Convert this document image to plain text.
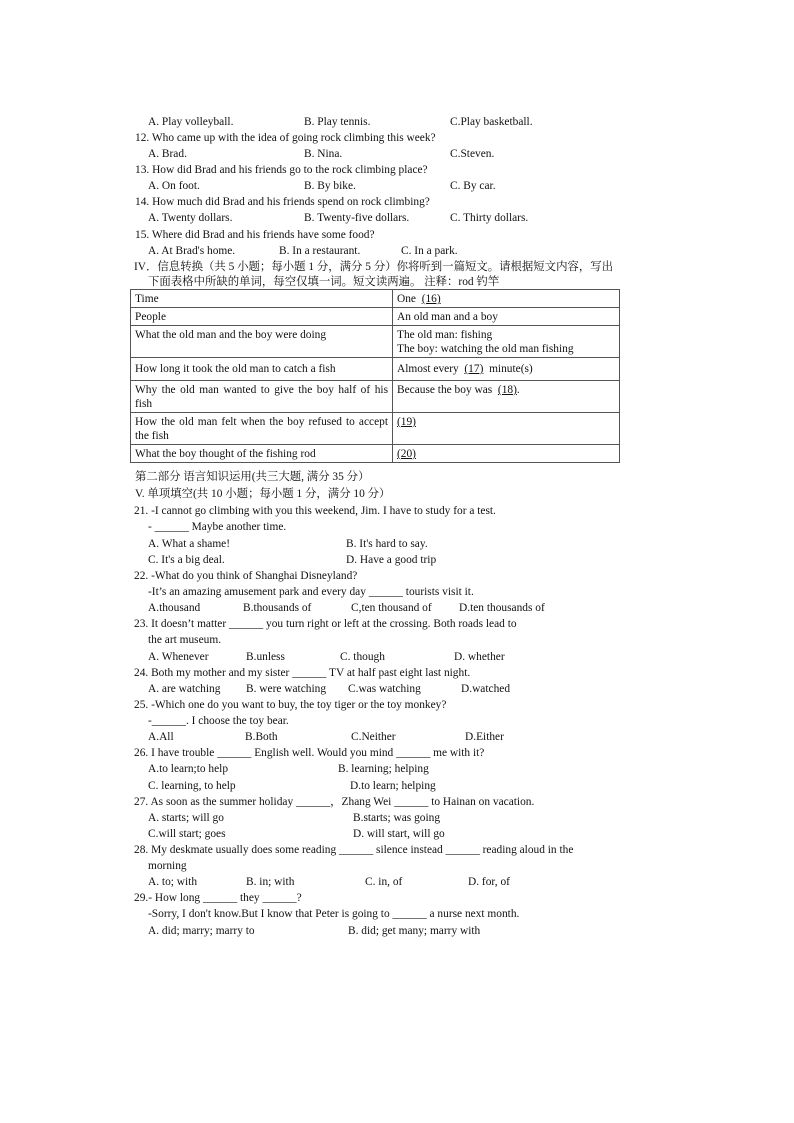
A. Play volleyball.	B. Play tennis.	C.Play basketball.
12. Who came up with the idea of going rock climbing this week?
A. Brad.	B. Nina.	C.Steven.
13. How did Brad and his friends go to the rock climbing place?
A. On foot.	B. By bike.	C. By car.
14. How much did Brad and his friends spend on rock climbing?
A. Twenty dollars.	B. Twenty-five dollars.	C. Thirty dollars.
15. Where did Brad and his friends have some food?
A. At Brad's home.	B. In a restaurant.	C. In a park.
IV．信息转换（共 5 小题；每小题 1 分，满分 5 分）你将听到一篇短文。请根据短文内容，写出
下面表格中所缺的单词，每空仅填一词。短文读两遍。 注释：rod 钓竿
Time	One  (16)
People	An old man and a boy
What the old man and the boy were doing	The old man: fishing
The boy: watching the old man fishing

How long it took the old man to catch a fish	Almost every  (17)  minute(s)
Why the old man wanted to give the boy half of his fish	Because the boy was  (18).
How the old man felt when the boy refused to accept the fish	(19)
What the boy thought of the fishing rod	(20)
第二部分 语言知识运用(共三大题, 满分 35 分）
V. 单项填空(共 10 小题；每小题 1 分，满分 10 分）
21. -I cannot go climbing with you this weekend, Jim. I have to study for a test.
- ______ Maybe another time.
A. What a shame!	B. It's hard to say.
C. It's a big deal.	D. Have a good trip
22. -What do you think of Shanghai Disneyland?
-It’s an amazing amusement park and every day ______ tourists visit it.
A.thousand	B.thousands of	C,ten thousand of D.ten thousands of
23. It doesn’t matter ______ you turn right or left at the crossing. Both roads lead to
the art museum.
A. Whenever	B.unless	C. though	D. whether
24. Both my mother and my sister ______ TV at half past eight last night.
A. are watching B. were watching C.was watching	D.watched
25. -Which one do you want to buy, the toy tiger or the toy monkey?
-______. I choose the toy bear.
A.All	B.Both	C.Neither	D.Either
26. I have trouble ______ English well. Would you mind ______ me with it?
A.to learn;to help	B. learning; helping
C. learning, to help	D.to learn; helping
27. As soon as the summer holiday ______，Zhang Wei ______ to Hainan on vacation.
A. starts; will go	B.starts; was going
C.will start; goes	D. will start, will go
28. My deskmate usually does some reading ______ silence instead ______ reading aloud in the
morning
A. to; with	B. in; with	C. in, of	D. for, of
29.- How long ______ they ______?
-Sorry, I don't know.But I know that Peter is going to ______ a nurse next month.
A. did; marry; marry to	B. did; get many; marry with
